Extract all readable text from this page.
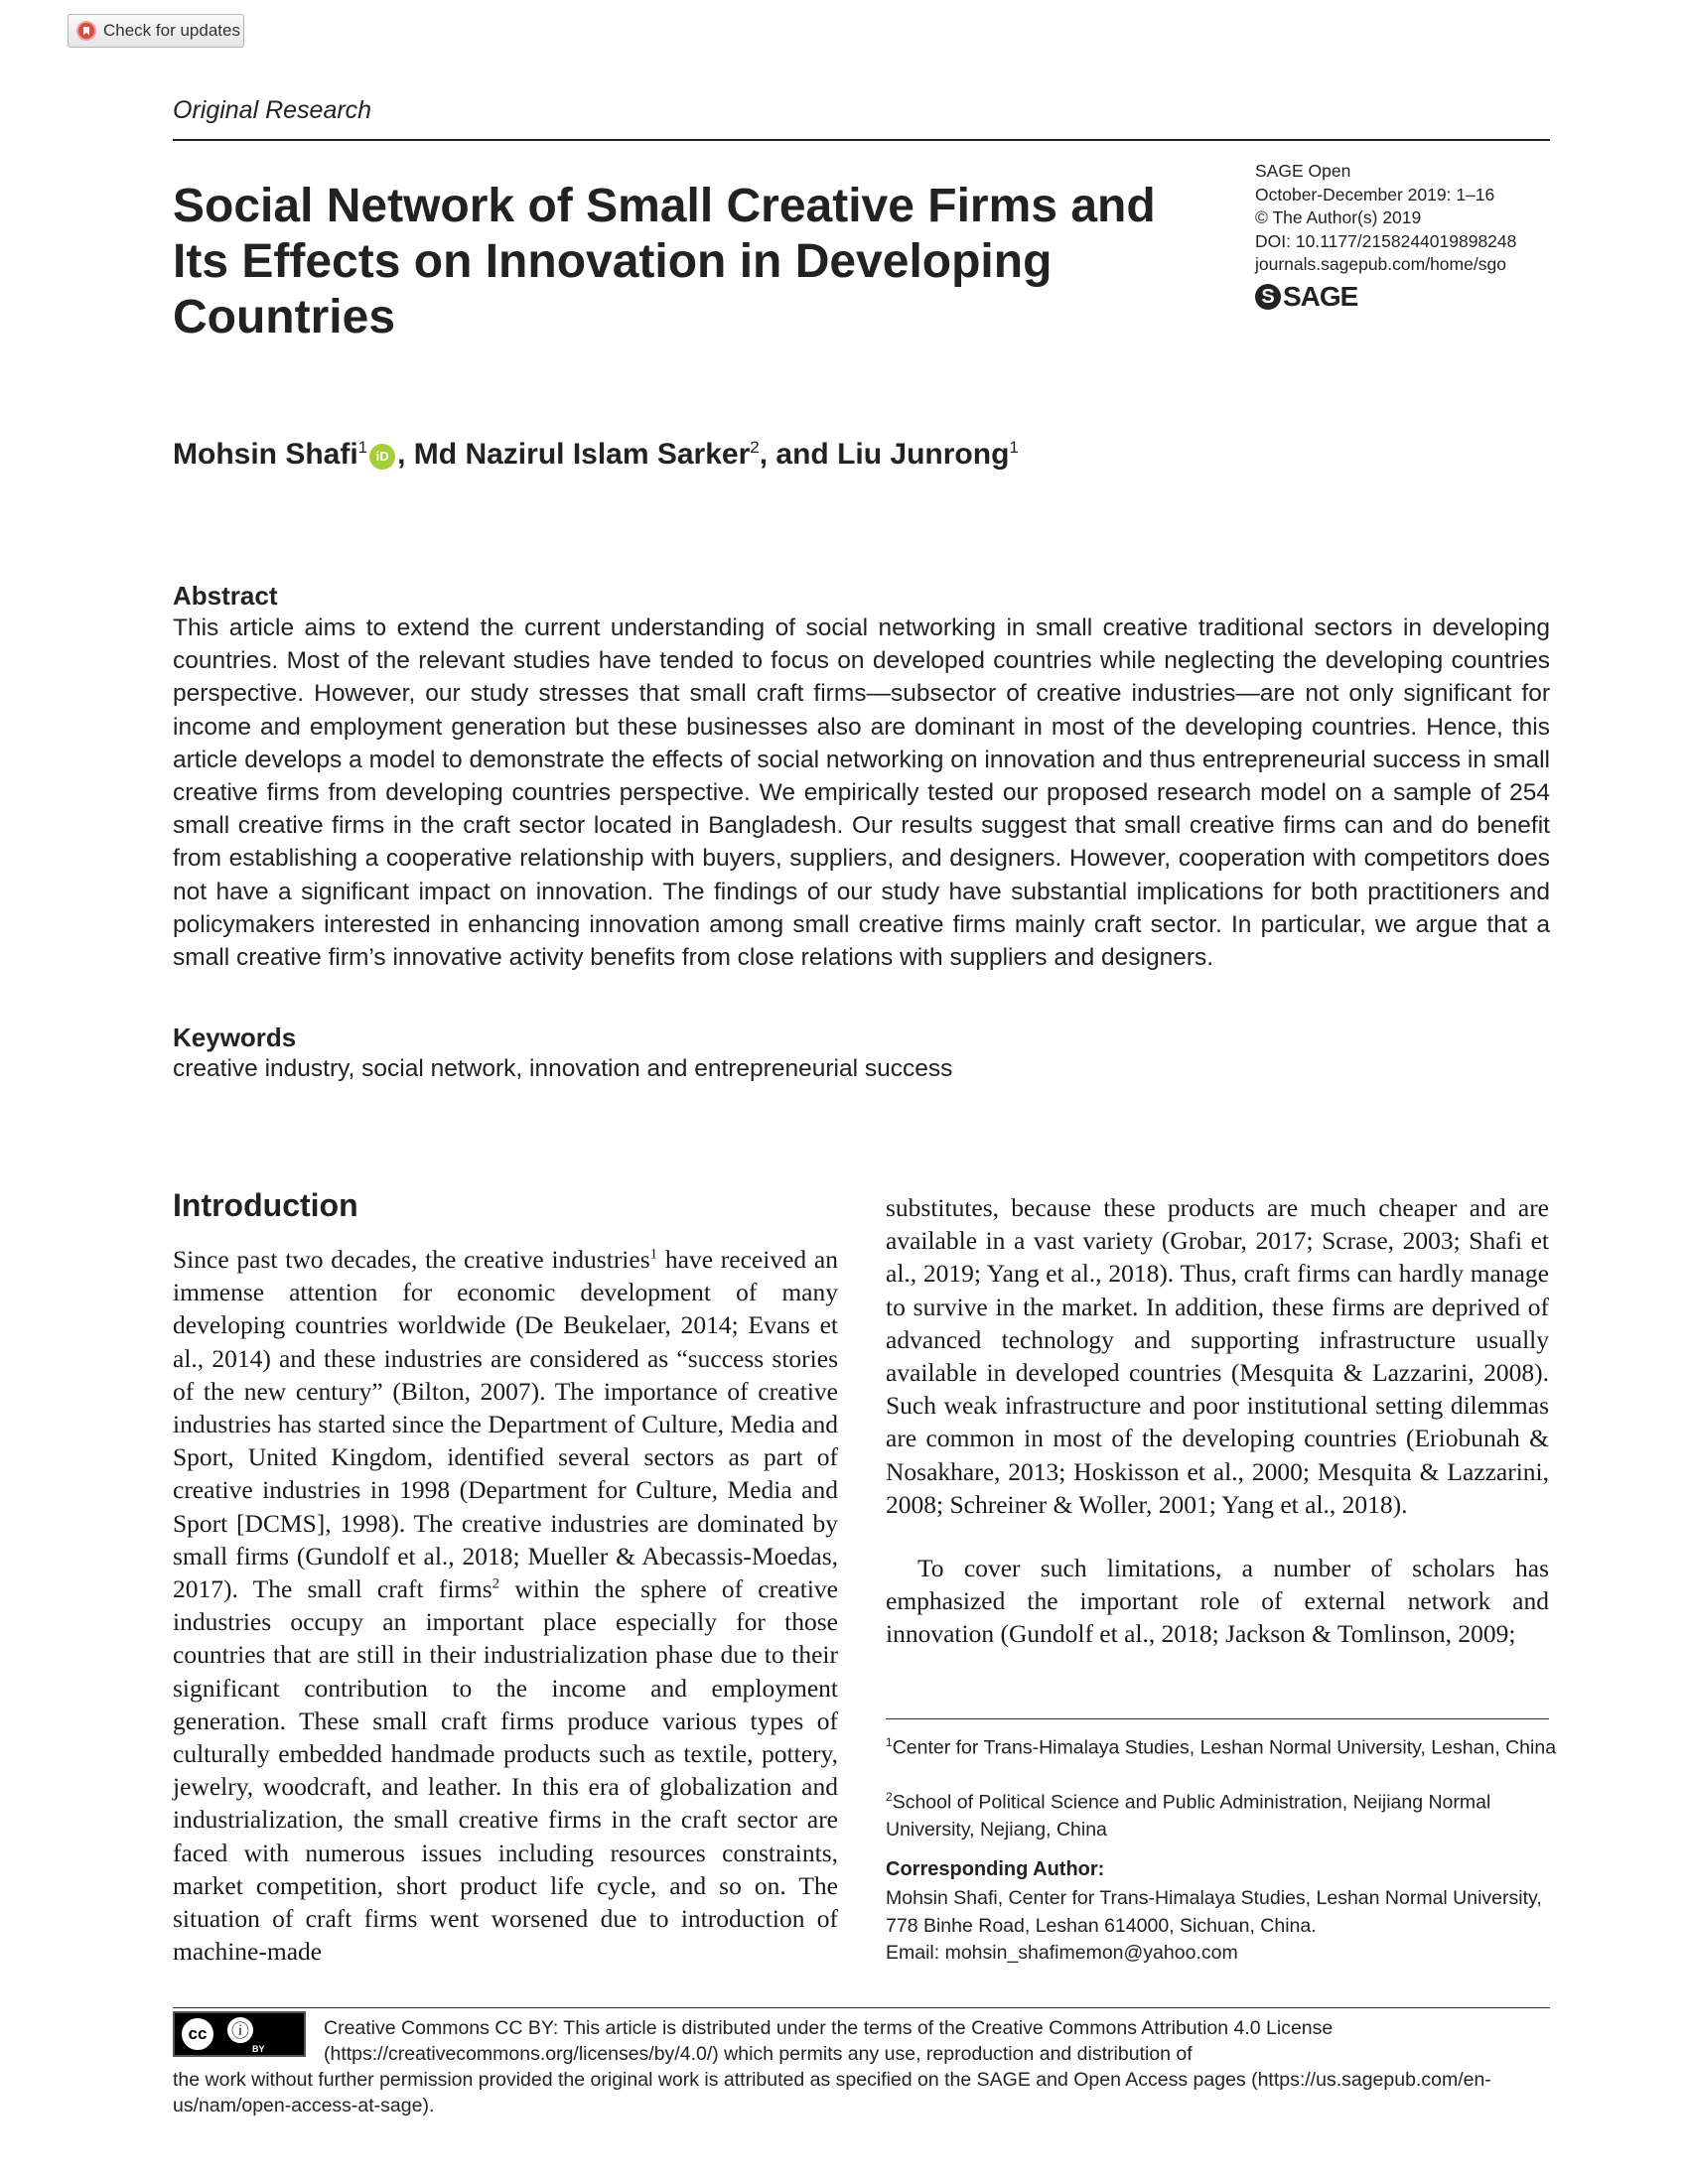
Check for updates
Original Research
SAGE Open
October-December 2019: 1–16
© The Author(s) 2019
DOI: 10.1177/2158244019898248
journals.sagepub.com/home/sgo
S SAGE
Social Network of Small Creative Firms and Its Effects on Innovation in Developing Countries
Mohsin Shafi$^1$ iD , Md Nazirul Islam Sarker$^2$, and Liu Junrong$^1$
Abstract

This article aims to extend the current understanding of social networking in small creative traditional sectors in developing countries. Most of the relevant studies have tended to focus on developed countries while neglecting the developing countries perspective. However, our study stresses that small craft firms—subsector of creative industries—are not only significant for income and employment generation but these businesses also are dominant in most of the developing countries. Hence, this article develops a model to demonstrate the effects of social networking on innovation and thus entrepreneurial success in small creative firms from developing countries perspective. We empirically tested our proposed research model on a sample of 254 small creative firms in the craft sector located in Bangladesh. Our results suggest that small creative firms can and do benefit from establishing a cooperative relationship with buyers, suppliers, and designers. However, cooperation with competitors does not have a significant impact on innovation. The findings of our study have substantial implications for both practitioners and policymakers interested in enhancing innovation among small creative firms mainly craft sector. In particular, we argue that a small creative firm’s innovative activity benefits from close relations with suppliers and designers.

Keywords

creative industry, social network, innovation and entrepreneurial success

Introduction

Since past two decades, the creative industries$^1$ have received an immense attention for economic development of many developing countries worldwide (De Beukelaer, 2014; Evans et al., 2014) and these industries are considered as “success stories of the new century” (Bilton, 2007). The importance of creative industries has started since the Department of Culture, Media and Sport, United Kingdom, identified several sectors as part of creative industries in 1998 (Department for Culture, Media and Sport [DCMS], 1998). The creative industries are dominated by small firms (Gundolf et al., 2018; Mueller & Abecassis-Moedas, 2017). The small craft firms$^2$ within the sphere of creative industries occupy an important place especially for those countries that are still in their industrialization phase due to their significant contribution to the income and employment generation. These small craft firms produce various types of culturally embedded handmade products such as textile, pottery, jewelry, woodcraft, and leather. In this era of globalization and industrialization, the small creative firms in the craft sector are faced with numerous issues including resources constraints, market competition, short product life cycle, and so on. The situation of craft firms went worsened due to introduction of machine-made

substitutes, because these products are much cheaper and are available in a vast variety (Grobar, 2017; Scrase, 2003; Shafi et al., 2019; Yang et al., 2018). Thus, craft firms can hardly manage to survive in the market. In addition, these firms are deprived of advanced technology and supporting infrastructure usually available in developed countries (Mesquita & Lazzarini, 2008). Such weak infrastructure and poor institutional setting dilemmas are common in most of the developing countries (Eriobunah & Nosakhare, 2013; Hoskisson et al., 2000; Mesquita & Lazzarini, 2008; Schreiner & Woller, 2001; Yang et al., 2018).

To cover such limitations, a number of scholars has emphasized the important role of external network and innovation (Gundolf et al., 2018; Jackson & Tomlinson, 2009;

$^1$Center for Trans-Himalaya Studies, Leshan Normal University, Leshan, China

$^2$School of Political Science and Public Administration, Neijiang Normal University, Nejiang, China

Corresponding Author:

Mohsin Shafi, Center for Trans-Himalaya Studies, Leshan Normal University, 778 Binhe Road, Leshan 614000, Sichuan, China.
Email: mohsin_shafimemon@yahoo.com

cc	ⓘ
BY

Creative Commons CC BY: This article is distributed under the terms of the Creative Commons Attribution 4.0 License (https://creativecommons.org/licenses/by/4.0/) which permits any use, reproduction and distribution of

the work without further permission provided the original work is attributed as specified on the SAGE and Open Access pages (https://us.sagepub.com/en-us/nam/open-access-at-sage).
